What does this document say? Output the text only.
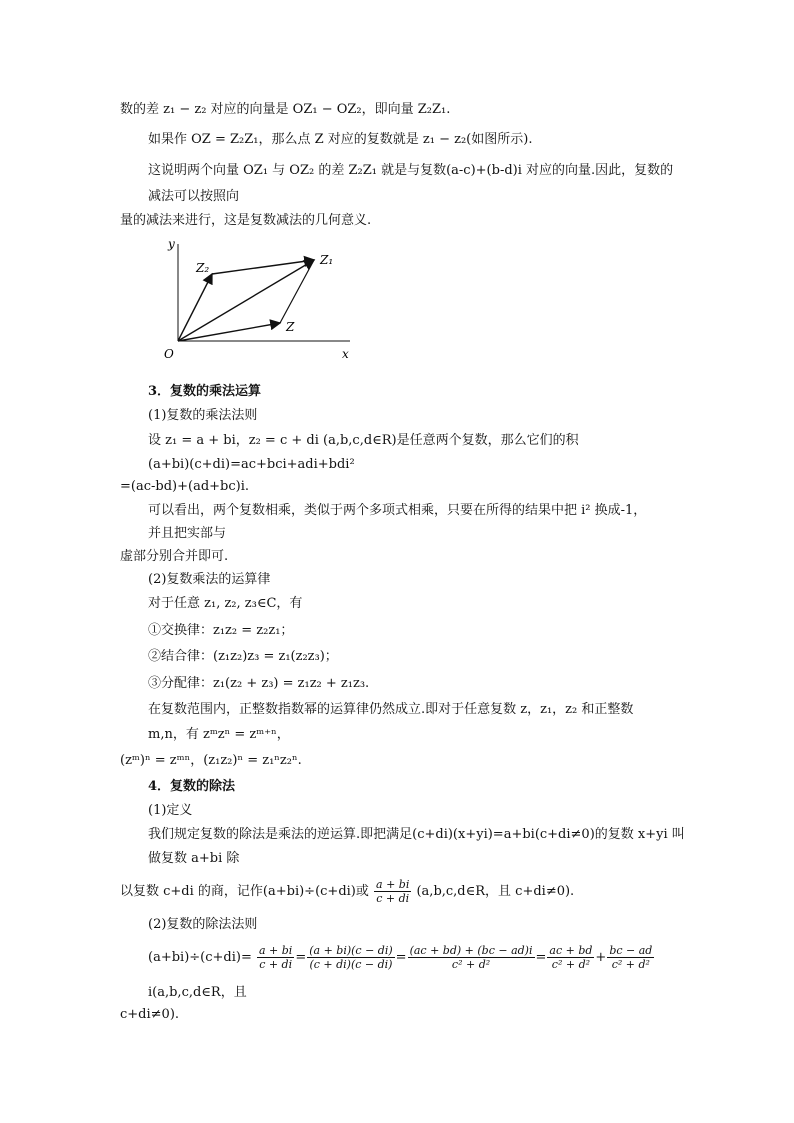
数的差 z₁ − z₂ 对应的向量是 OZ₁ − OZ₂，即向量 Z₂Z₁.
如果作 OZ = Z₂Z₁，那么点 Z 对应的复数就是 z₁ − z₂(如图所示).
这说明两个向量 OZ₁ 与 OZ₂ 的差 Z₂Z₁ 就是与复数(a-c)+(b-d)i 对应的向量.因此，复数的
减法可以按照向
量的减法来进行，这是复数减法的几何意义.
y
x
O
Z₁
Z₂
Z
3．复数的乘法运算
(1)复数的乘法法则
设 z₁ = a + bi，z₂ = c + di (a,b,c,d∈R)是任意两个复数，那么它们的积
(a+bi)(c+di)=ac+bci+adi+bdi²
=(ac-bd)+(ad+bc)i.
可以看出，两个复数相乘，类似于两个多项式相乘，只要在所得的结果中把 i² 换成-1，
并且把实部与
虚部分别合并即可.
(2)复数乘法的运算律
对于任意 z₁, z₂, z₃∈C，有
①交换律：z₁z₂ = z₂z₁；
②结合律：(z₁z₂)z₃ = z₁(z₂z₃)；
③分配律：z₁(z₂ + z₃) = z₁z₂ + z₁z₃.
在复数范围内，正整数指数幂的运算律仍然成立.即对于任意复数 z，z₁，z₂ 和正整数
m,n，有 zᵐzⁿ = zᵐ⁺ⁿ，
(zᵐ)ⁿ = zᵐⁿ，(z₁z₂)ⁿ = z₁ⁿz₂ⁿ.
4．复数的除法
(1)定义
我们规定复数的除法是乘法的逆运算.即把满足(c+di)(x+yi)=a+bi(c+di≠0)的复数 x+yi 叫
做复数 a+bi 除
以复数 c+di 的商，记作(a+bi)÷(c+di)或 $\frac{a + bi}{c + di}$ (a,b,c,d∈R，且 c+di≠0).
(2)复数的除法法则
$(a+bi)\div(c+di)= \frac{a + bi}{c + di} = \frac{(a + bi)(c - di)}{(c + di)(c - di)} = \frac{(ac + bd) + (bc - ad)i}{\text{c² + d²}} = \frac{ac + bd}{\text{c² + d²}} + \frac{bc - ad}{\text{c² + d²}}$
i(a,b,c,d∈R，且
c+di≠0).
